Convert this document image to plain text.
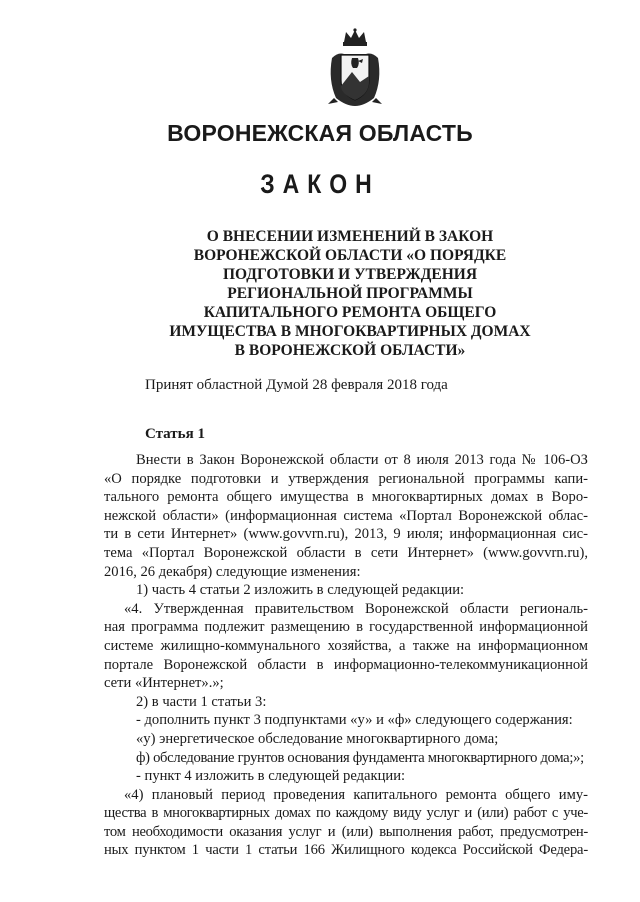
ВОРОНЕЖСКАЯ ОБЛАСТЬ
ЗАКОН
О ВНЕСЕНИИ ИЗМЕНЕНИЙ В ЗАКОН
ВОРОНЕЖСКОЙ ОБЛАСТИ «О ПОРЯДКЕ
ПОДГОТОВКИ И УТВЕРЖДЕНИЯ
РЕГИОНАЛЬНОЙ ПРОГРАММЫ
КАПИТАЛЬНОГО РЕМОНТА ОБЩЕГО
ИМУЩЕСТВА В МНОГОКВАРТИРНЫХ ДОМАХ
В ВОРОНЕЖСКОЙ ОБЛАСТИ»
Принят областной Думой 28 февраля 2018 года
Статья 1
Внести в Закон Воронежской области от 8 июля 2013 года № 106-ОЗ
«О порядке подготовки и утверждения региональной программы капи-
тального ремонта общего имущества в многоквартирных домах в Воро-
нежской области» (информационная система «Портал Воронежской облас-
ти в сети Интернет» (www.govvrn.ru), 2013, 9 июля; информационная сис-
тема «Портал Воронежской области в сети Интернет» (www.govvrn.ru),
2016, 26 декабря) следующие изменения:
1) часть 4 статьи 2 изложить в следующей редакции:
«4. Утвержденная правительством Воронежской области региональ-
ная программа подлежит размещению в государственной информационной
системе жилищно-коммунального хозяйства, а также на информационном
портале Воронежской области в информационно-телекоммуникационной
сети «Интернет».»;
2) в части 1 статьи 3:
- дополнить пункт 3 подпунктами «у» и «ф» следующего содержания:
«у) энергетическое обследование многоквартирного дома;
ф) обследование грунтов основания фундамента многоквартирного дома;»;
- пункт 4 изложить в следующей редакции:
«4) плановый период проведения капитального ремонта общего иму-
щества в многоквартирных домах по каждому виду услуг и (или) работ с уче-
том необходимости оказания услуг и (или) выполнения работ, предусмотрен-
ных пунктом 1 части 1 статьи 166 Жилищного кодекса Российской Федера-
